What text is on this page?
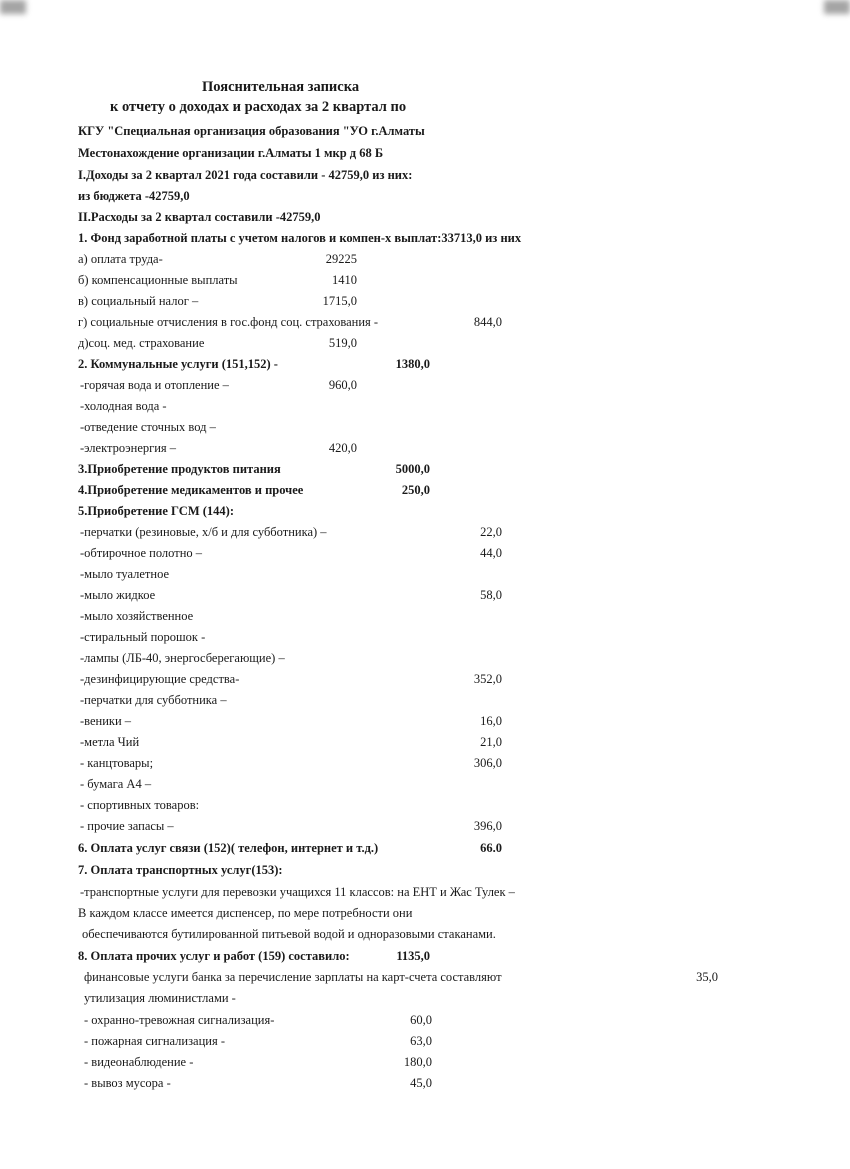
Пояснительная записка
к отчету о доходах и расходах за 2 квартал по
КГУ "Специальная организация образования "УО г.Алматы
Местонахождение организации г.Алматы 1 мкр д 68 Б
I.Доходы за 2 квартал 2021 года составили - 42759,0 из них:
из бюджета -42759,0
II.Расходы за 2 квартал составили -42759,0
1. Фонд заработной платы с учетом налогов и компен-х выплат:33713,0 из них
а) оплата труда-	29225
б) компенсационные выплаты	1410
в) социальный налог –	1715,0
г) социальные отчисления в гос.фонд соц. страхования -	844,0
д)соц. мед. страхование	519,0
2. Коммунальные услуги (151,152) -	1380,0
-горячая вода и отопление –	960,0
-холодная вода -
-отведение сточных вод –
-электроэнергия –	420,0
3.Приобретение продуктов питания	5000,0
4.Приобретение медикаментов и прочее	250,0
5.Приобретение ГСМ (144):
-перчатки (резиновые, х/б и для субботника) –	22,0
-обтирочное полотно –	44,0
-мыло туалетное
-мыло жидкое	58,0
-мыло хозяйственное
-стиральный порошок -
-лампы (ЛБ-40, энергосберегающие) –
-дезинфицирующие средства-	352,0
-перчатки для субботника –
-веники –	16,0
-метла Чий	21,0
- канцтовары;	306,0
- бумага А4 –
- спортивных товаров:
- прочие запасы –	396,0
6. Оплата услуг связи (152)( телефон, интернет и т.д.)	66.0
7. Оплата транспортных услуг(153):
-транспортные услуги для перевозки учащихся 11 классов: на ЕНТ и Жас Тулек –
В каждом классе имеется диспенсер, по мере потребности они
обеспечиваются бутилированной питьевой водой и одноразовыми стаканами.
8. Оплата прочих услуг и работ (159) составило:	1135,0
финансовые услуги банка за перечисление зарплаты на карт-счета составляют	35,0
утилизация люминистлами -
- охранно-тревожная сигнализация-	60,0
- пожарная сигнализация -	63,0
- видеонаблюдение -	180,0
- вывоз мусора -	45,0
